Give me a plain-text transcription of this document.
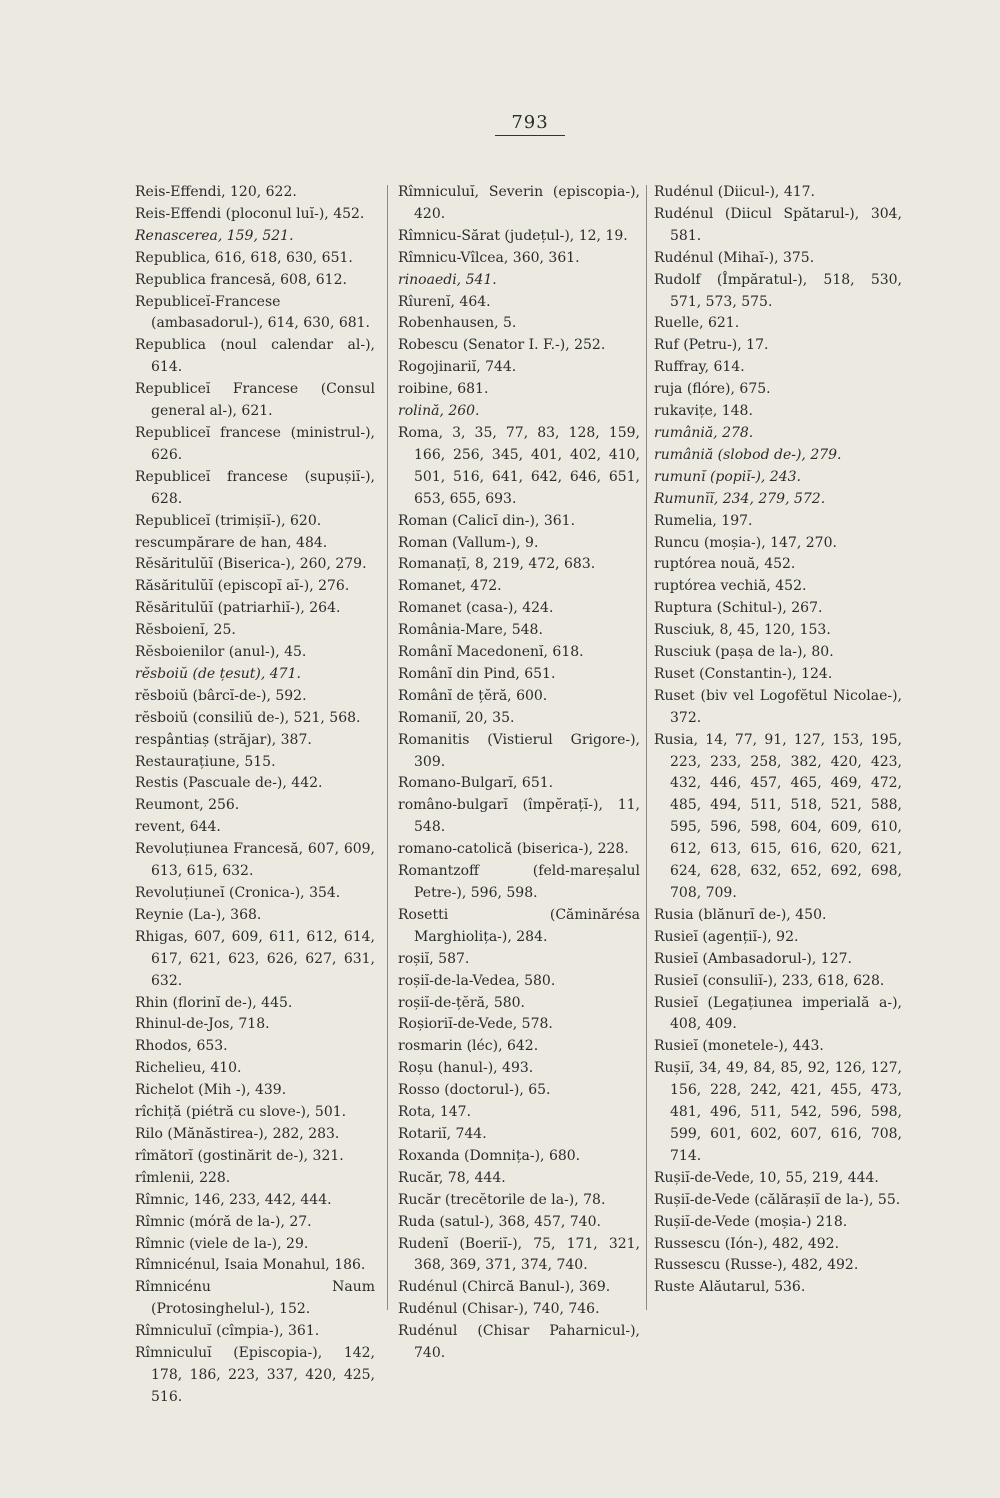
793
Reis-Effendi, 120, 622.
Reis-Effendi (ploconul luĭ-), 452.
Renascerea, 159, 521.
Republica, 616, 618, 630, 651.
Republica francesă, 608, 612.
Republiceĭ-Francese (ambasadorul-), 614, 630, 681.
Republica (noul calendar al-), 614.
Republiceĭ Francese (Consul general al-), 621.
Republiceĭ francese (ministrul-), 626.
Republiceĭ francese (supușiĭ-), 628.
Republiceĭ (trimișiĭ-), 620.
rescumpărare de han, 484.
Rĕsăritulŭĭ (Biserica-), 260, 279.
Răsăritulŭĭ (episcopĭ aĭ-), 276.
Rĕsăritulŭĭ (patriarhiĭ-), 264.
Rĕsboienĭ, 25.
Rĕsboienilor (anul-), 45.
rĕsboiŭ (de țesut), 471.
rĕsboiŭ (bârcĭ-de-), 592.
rĕsboiŭ (consiliŭ de-), 521, 568.
respântiaș (străjar), 387.
Restaurațiune, 515.
Restis (Pascuale de-), 442.
Reumont, 256.
revent, 644.
Revoluțiunea Francesă, 607, 609, 613, 615, 632.
Revoluțiuneĭ (Cronica-), 354.
Reynie (La-), 368.
Rhigas, 607, 609, 611, 612, 614, 617, 621, 623, 626, 627, 631, 632.
Rhin (florinĭ de-), 445.
Rhinul-de-Jos, 718.
Rhodos, 653.
Richelieu, 410.
Richelot (Mih -), 439.
rîchiță (piétră cu slove-), 501.
Rilo (Mănăstirea-), 282, 283.
rîmătorĭ (gostinărit de-), 321.
rîmlenii, 228.
Rîmnic, 146, 233, 442, 444.
Rîmnic (móră de la-), 27.
Rîmnic (viele de la-), 29.
Rîmnicénul, Isaia Monahul, 186.
Rîmnicénu Naum (Protosinghelul-), 152.
Rîmniculuĭ (cîmpia-), 361.
Rîmniculuĭ (Episcopia-), 142, 178, 186, 223, 337, 420, 425, 516.
Rîmniculuĭ, Severin (episcopia-), 420.
Rîmnicu-Sărat (județul-), 12, 19.
Rîmnicu-Vîlcea, 360, 361.
rinoaedi, 541.
Rîurenĭ, 464.
Robenhausen, 5.
Robescu (Senator I. F.-), 252.
Rogojinariĭ, 744.
roibine, 681.
rolină, 260.
Roma, 3, 35, 77, 83, 128, 159, 166, 256, 345, 401, 402, 410, 501, 516, 641, 642, 646, 651, 653, 655, 693.
Roman (Calicĭ din-), 361.
Roman (Vallum-), 9.
Romanațĭ, 8, 219, 472, 683.
Romanet, 472.
Romanet (casa-), 424.
România-Mare, 548.
Românĭ Macedonenĭ, 618.
Românĭ din Pind, 651.
Românĭ de țĕră, 600.
Romaniĭ, 20, 35.
Romanitis (Vistierul Grigore-), 309.
Romano-Bulgarĭ, 651.
româno-bulgarĭ (împĕrațĭ-), 11, 548.
romano-catolică (biserica-), 228.
Romantzoff (feld-mareșalul Petre-), 596, 598.
Rosetti (Căminărésa Marghiolița-), 284.
roșiĭ, 587.
roșiĭ-de-la-Vedea, 580.
roșiĭ-de-țĕră, 580.
Roșioriĭ-de-Vede, 578.
rosmarin (léc), 642.
Roșu (hanul-), 493.
Rosso (doctorul-), 65.
Rota, 147.
Rotariĭ, 744.
Roxanda (Domnița-), 680.
Rucăr, 78, 444.
Rucăr (trecĕtorile de la-), 78.
Ruda (satul-), 368, 457, 740.
Rudenĭ (Boeriĭ-), 75, 171, 321, 368, 369, 371, 374, 740.
Rudénul (Chircă Banul-), 369.
Rudénul (Chisar-), 740, 746.
Rudénul (Chisar Paharnicul-), 740.
Rudénul (Diicul-), 417.
Rudénul (Diicul Spătarul-), 304, 581.
Rudénul (Mihaĭ-), 375.
Rudolf (Împăratul-), 518, 530, 571, 573, 575.
Ruelle, 621.
Ruf (Petru-), 17.
Ruffray, 614.
ruja (flóre), 675.
rukavițe, 148.
rumâniă, 278.
rumâniă (slobod de-), 279.
rumunĭ (popiĭ-), 243.
Rumunĭĭ, 234, 279, 572.
Rumelia, 197.
Runcu (moșia-), 147, 270.
ruptórea nouă, 452.
ruptórea vechiă, 452.
Ruptura (Schitul-), 267.
Rusciuk, 8, 45, 120, 153.
Rusciuk (pașa de la-), 80.
Ruset (Constantin-), 124.
Ruset (biv vel Logofĕtul Nicolae-), 372.
Rusia, 14, 77, 91, 127, 153, 195, 223, 233, 258, 382, 420, 423, 432, 446, 457, 465, 469, 472, 485, 494, 511, 518, 521, 588, 595, 596, 598, 604, 609, 610, 612, 613, 615, 616, 620, 621, 624, 628, 632, 652, 692, 698, 708, 709.
Rusia (blănurĭ de-), 450.
Rusieĭ (agențiĭ-), 92.
Rusieĭ (Ambasadorul-), 127.
Rusieĭ (consuliĭ-), 233, 618, 628.
Rusieĭ (Legațiunea imperială a-), 408, 409.
Rusieĭ (monetele-), 443.
Rușiĭ, 34, 49, 84, 85, 92, 126, 127, 156, 228, 242, 421, 455, 473, 481, 496, 511, 542, 596, 598, 599, 601, 602, 607, 616, 708, 714.
Rușiĭ-de-Vede, 10, 55, 219, 444.
Rușiĭ-de-Vede (călărașiĭ de la-), 55.
Rușiĭ-de-Vede (moșia-) 218.
Russescu (Ión-), 482, 492.
Russescu (Russe-), 482, 492.
Ruste Alăutarul, 536.
